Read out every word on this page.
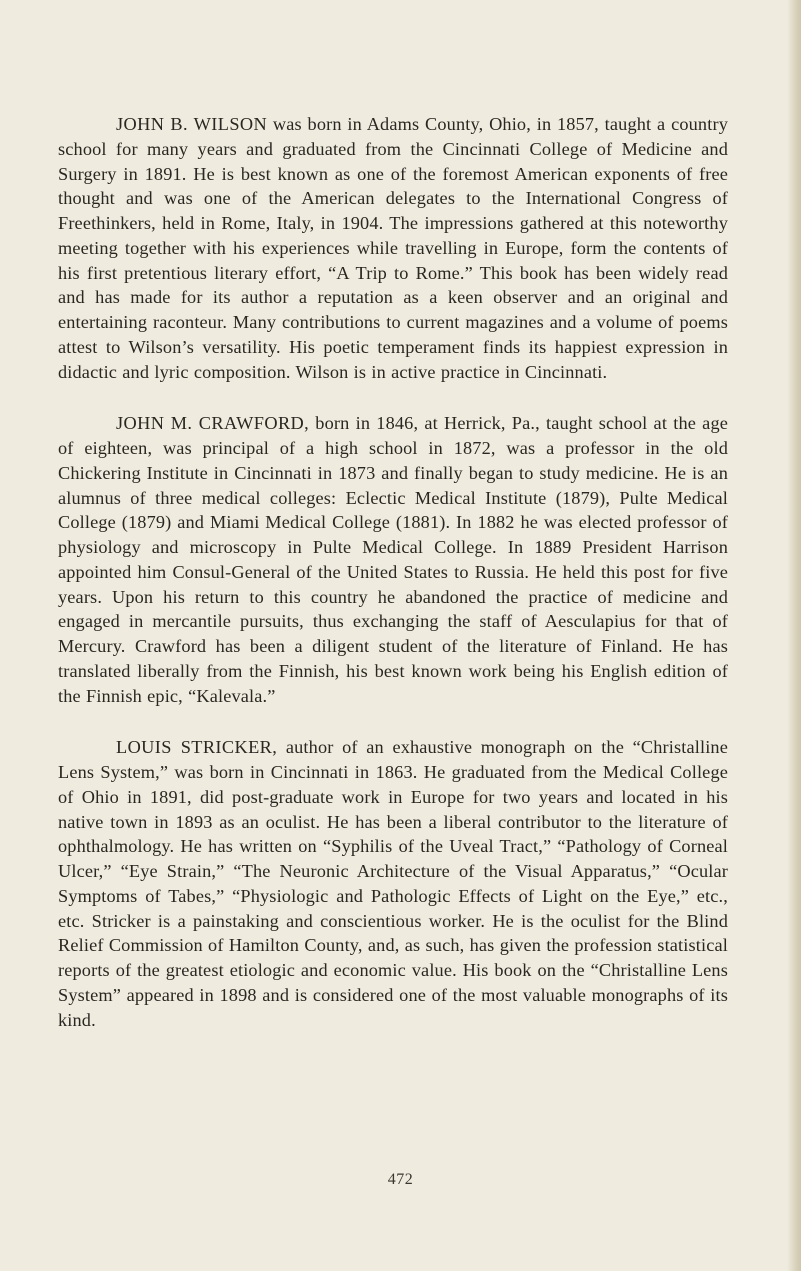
JOHN B. WILSON was born in Adams County, Ohio, in 1857, taught a country school for many years and graduated from the Cincinnati College of Medicine and Surgery in 1891. He is best known as one of the foremost American exponents of free thought and was one of the American delegates to the International Congress of Freethinkers, held in Rome, Italy, in 1904. The impressions gathered at this noteworthy meeting together with his experiences while travelling in Europe, form the contents of his first pretentious literary effort, “A Trip to Rome.” This book has been widely read and has made for its author a reputation as a keen observer and an original and entertaining raconteur. Many contributions to current magazines and a volume of poems attest to Wilson’s versatility. His poetic temperament finds its happiest expression in didactic and lyric composition. Wilson is in active practice in Cincinnati.

JOHN M. CRAWFORD, born in 1846, at Herrick, Pa., taught school at the age of eighteen, was principal of a high school in 1872, was a professor in the old Chickering Institute in Cincinnati in 1873 and finally began to study medicine. He is an alumnus of three medical colleges: Eclectic Medical Institute (1879), Pulte Medical College (1879) and Miami Medical College (1881). In 1882 he was elected professor of physiology and microscopy in Pulte Medical College. In 1889 President Harrison appointed him Consul-General of the United States to Russia. He held this post for five years. Upon his return to this country he abandoned the practice of medicine and engaged in mercantile pursuits, thus exchanging the staff of Aesculapius for that of Mercury. Crawford has been a diligent student of the literature of Finland. He has translated liberally from the Finnish, his best known work being his English edition of the Finnish epic, “Kalevala.”

LOUIS STRICKER, author of an exhaustive monograph on the “Christalline Lens System,” was born in Cincinnati in 1863. He graduated from the Medical College of Ohio in 1891, did post-graduate work in Europe for two years and located in his native town in 1893 as an oculist. He has been a liberal contributor to the literature of ophthalmology. He has written on “Syphilis of the Uveal Tract,” “Pathology of Corneal Ulcer,” “Eye Strain,” “The Neuronic Architecture of the Visual Apparatus,” “Ocular Symptoms of Tabes,” “Physiologic and Pathologic Effects of Light on the Eye,” etc., etc. Stricker is a painstaking and conscientious worker. He is the oculist for the Blind Relief Commission of Hamilton County, and, as such, has given the profession statistical reports of the greatest etiologic and economic value. His book on the “Christalline Lens System” appeared in 1898 and is considered one of the most valuable monographs of its kind.

472
